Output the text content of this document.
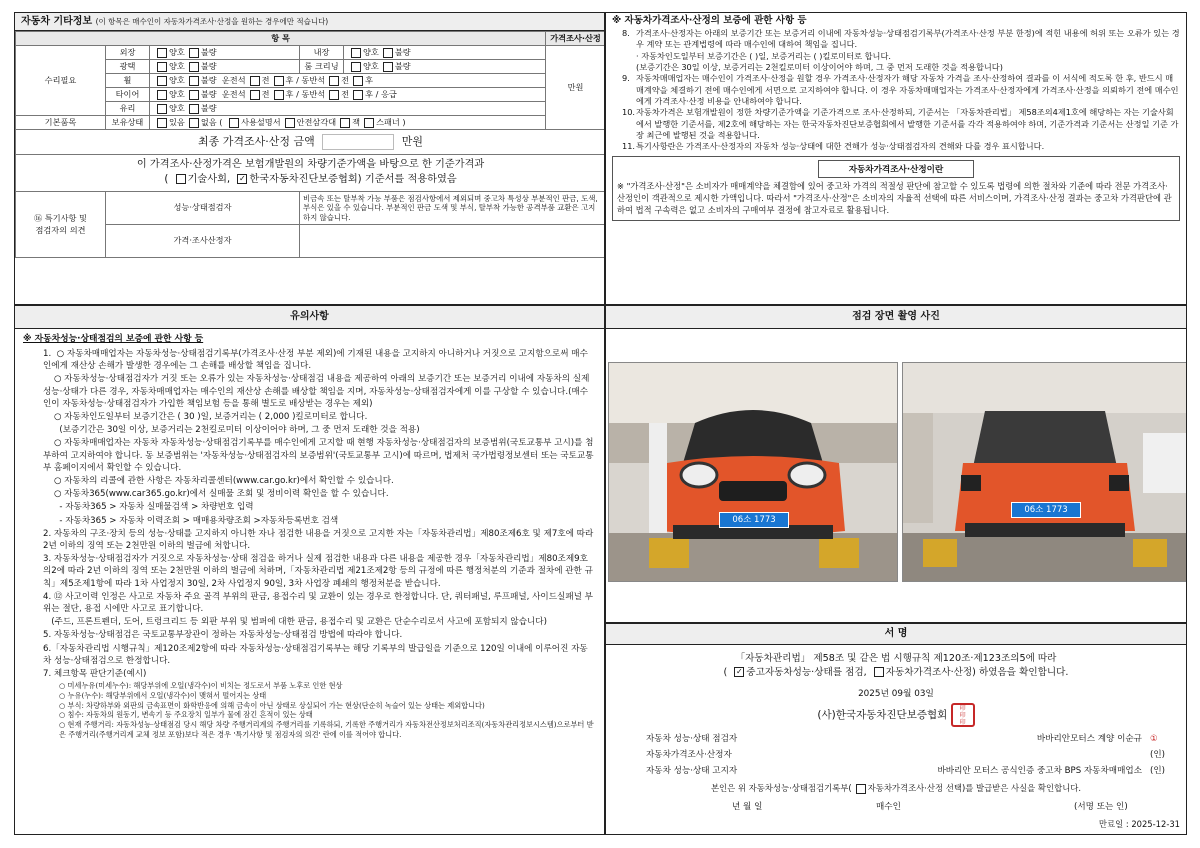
자동차 기타정보 (이 항목은 매수인이 자동차가격조사·산정을 원하는 경우에만 적습니다)
항 목					가격조사·산정
수리필요	외장	양호 불량	내장	양호 불량	만원
	광택	양호 불량	룸 크리닝	양호 불량	
	휠	양호 불량 운전석 전 후 / 동반석 전 후			
	타이어	양호 불량 운전석 전 후 / 동반석 전 후 / 응급			
	유리	양호 불량			
기본품목	보유상태	있음 없음 ( 사용설명서 안전삼각대 잭 스패너 )			
최종 가격조사·산정 금액 만원					

이 가격조사·산정가격은 보험개발원의 차량기준가액을 바탕으로 한 기준가격과
( 기술사회, ✓ 한국자동차진단보증협회) 기준서를 적용하였음					

⑯ 특기사항 및
점검자의 의견	성능·상태점검자		비금속 또는 탈부착 가능 부품은 점검사항에서 제외되며 중고차 특성상 부분적인 판금, 도색, 부식은 있을 수 있습니다. 부분적인 판금 도색 및 부식, 탈부착 가능한 공격부품 교환은 고지하지 않습니다.		
	가격·조사산정자				
※ 자동차가격조사·산정의 보증에 관한 사항 등
8. 가격조사·산정자는 아래의 보증기간 또는 보증거리 이내에 자동차성능·상태점검기록부(가격조사·산정 부분 한정)에 적힌 내용에 허위 또는 오류가 있는 경우 계약 또는 관계법령에 따라 매수인에 대하여 책임을 집니다.
· 자동차인도일부터 보증기간은 ( )일, 보증거리는 ( )킬로미터로 합니다.
(보증기간은 30일 이상, 보증거리는 2천킬로미터 이상이어야 하며, 그 중 먼저 도래한 것을 적용합니다)
9. 자동차매매업자는 매수인이 가격조사·산정을 원할 경우 가격조사·산정자가 해당 자동차 가격을 조사·산정하여 결과를 이 서식에 적도록 한 후, 반드시 매매계약을 체결하기 전에 매수인에게 서면으로 고지하여야 합니다. 이 경우 자동차매매업자는 가격조사·산정자에게 가격조사·산정을 의뢰하기 전에 매수인에게 가격조사·산정 비용을 안내하여야 합니다.
10. 자동차가격은 보험개발원이 정한 차량기준가액을 기준가격으로 조사·산정하되, 기준서는 「자동차관리법」 제58조의4제1호에 해당하는 자는 기술사회에서 발행한 기준서를, 제2호에 해당하는 자는 한국자동차진단보증협회에서 발행한 기준서를 각각 적용하여야 하며, 기준가격과 기준서는 산정일 기준 가장 최근에 발행된 것을 적용합니다.
11. 특기사항란은 가격조사·산정자의 자동차 성능·상태에 대한 견해가 성능·상태점검자의 견해와 다를 경우 표시합니다.
자동차가격조사·산정이란
※ "가격조사·산정"은 소비자가 매매계약을 체결함에 있어 중고차 가격의 적절성 판단에 참고할 수 있도록 법령에 의한 절차와 기준에 따라 전문 가격조사·산정인이 객관적으로 제시한 가액입니다. 따라서 "가격조사·산정"은 소비자의 자율적 선택에 따른 서비스이며, 가격조사·산정 결과는 중고차 가격판단에 관하여 법적 구속력은 없고 소비자의 구매여부 결정에 참고자료로 활용됩니다.
유의사항
※ 자동차성능·상태점검의 보증에 관한 사항 등
1.  ○ 자동차매매업자는 자동차성능·상태점검기록부(가격조사·산정 부분 제외)에 기재된 내용을 고지하지 아니하거나 거짓으로 고지함으로써 매수인에게 재산상 손해가 발생한 경우에는 그 손해를 배상할 책임을 집니다.
○ 자동차성능·상태점검자가 거짓 또는 오류가 있는 자동차성능·상태점검 내용을 제공하여 아래의 보증기간 또는 보증거리 이내에 자동차의 실제 성능·상태가 다른 경우, 자동차매매업자는 매수인의 재산상 손해를 배상할 책임을 지며, 자동차성능·상태점검자에게 이를 구상할 수 있습니다.(매수인이 자동차성능·상태점검자가 가입한 책임보험 등을 통해 별도로 배상받는 경우는 제외)
○ 자동차인도일부터 보증기간은 ( 30 )일, 보증거리는 ( 2,000 )킬로미터로 합니다.
(보증기간은 30일 이상, 보증거리는 2천킬로미터 이상이어야 하며, 그 중 먼저 도래한 것을 적용)
○ 자동차매매업자는 자동차 자동차성능·상태점검기록부를 매수인에게 고지할 때 현행 자동차성능·상태점검자의 보증범위(국토교통부 고시)를 첨부하여 고지하여야 합니다. 동 보증범위는 '자동차성능·상태점검자의 보증범위'(국토교통부 고시)에 따르며, 법제처 국가법령정보센터 또는 국토교통부 홈페이지에서 확인할 수 있습니다.
○ 자동차의 리콜에 관한 사항은 자동차리콜센터(www.car.go.kr)에서 확인할 수 있습니다.
○ 자동차365(www.car365.go.kr)에서 실매물 조회 및 정비이력 확인을 할 수 있습니다.
- 자동차365 > 자동차 실매물검색 > 차량번호 입력
- 자동차365 > 자동차 이력조회 > 매매용차량조회 >자동차등록번호 검색
2. 자동차의 구조·장치 등의 성능·상태를 고지하지 아니한 자나 점검한 내용을 거짓으로 고지한 자는「자동차관리법」제80조제6호 및 제7호에 따라 2년 이하의 징역 또는 2천만원 이하의 벌금에 처합니다.
3. 자동차성능·상태점검자가 거짓으로 자동차성능·상태 점검을 하거나 실제 점검한 내용과 다른 내용을 제공한 경우「자동차관리법」제80조제9호의2에 따라 2년 이하의 징역 또는 2천만원 이하의 벌금에 처하며,「자동차관리법 제21조제2항 등의 규정에 따른 행정처분의 기준과 절차에 관한 규칙」제5조제1항에 따라 1차 사업정지 30일, 2차 사업정지 90일, 3차 사업장 폐쇄의 행정처분을 받습니다.
4. ⑫ 사고이력 인정은 사고로 자동차 주요 골격 부위의 판금, 용접수리 및 교환이 있는 경우로 한정합니다. 단, 쿼터패널, 루프패널, 사이드실패널 부위는 절단, 용접 시에만 사고로 표기합니다.
(주드, 프론트펜더, 도어, 트렁크리드 등 외판 부위 및 범퍼에 대한 판금, 용접수리 및 교환은 단순수리로서 사고에 포함되지 않습니다)
5. 자동차성능·상태점검은 국토교통부장관이 정하는 자동차성능·상태점검 방법에 따라야 합니다.
6.「자동차관리법 시행규칙」제120조제2항에 따라 자동차성능·상태점검기록부는 해당 기록부의 발급일을 기준으로 120일 이내에 이루어진 자동차 성능·상태점검으로 한정합니다.
7. 체크항목 판단기준(예시)
○ 미세누유(미세누수): 해당부위에 오일(냉각수)이 비치는 정도로서 부품 노후로 인한 현상
○ 누유(누수): 해당부위에서 오일(냉각수)이 맺혀서 떨어지는 상태
○ 부식: 차량하부와 외판의 금속표면이 화학반응에 의해 금속이 아닌 상태로 상실되어 가는 현상(단순히 녹슬어 있는 상태는 제외합니다)
○ 침수: 자동차의 원동기, 변속기 등 주요장치 일부가 물에 잠긴 흔적이 있는 상태
○ 현재 주행거리: 자동차성능·상태점검 당시 해당 차량 주행거리계의 주행거리를 기록하되, 기록한 주행거리가 자동차전산정보처리조직(자동차관리정보시스템)으로부터 받은 주행거리(주행거리계 교체 정보 포함)보다 적은 경우 '특기사항 및 점검자의 의견' 란에 이를 적어야 합니다.
점검 장면 촬영 사진
06소 1773
06소 1773
서 명
「자동차관리법」 제58조 및 같은 법 시행규칙 제120조·제123조의5에 따라
( ✓ 중고자동차성능·상태를 점검, 자동차가격조사·산정) 하였음을 확인합니다.
2025년 09월 03일
(사)한국자동차진단보증협회 印
印
印
자동차 성능·상태 점검자	바바리안모터스 계양 이순규 ①
자동차가격조사·산정자	(인)
자동차 성능·상태 고지자	바바리안 모터스 공식인증 중고차 BPS 자동차매매업소 (인)
본인은 위 자동차성능·상태점검기록부( 자동차가격조사·산정 선택)를 발급받은 사실을 확인합니다.
년 월 일	매수인	(서명 또는 인)
만료일 : 2025-12-31
